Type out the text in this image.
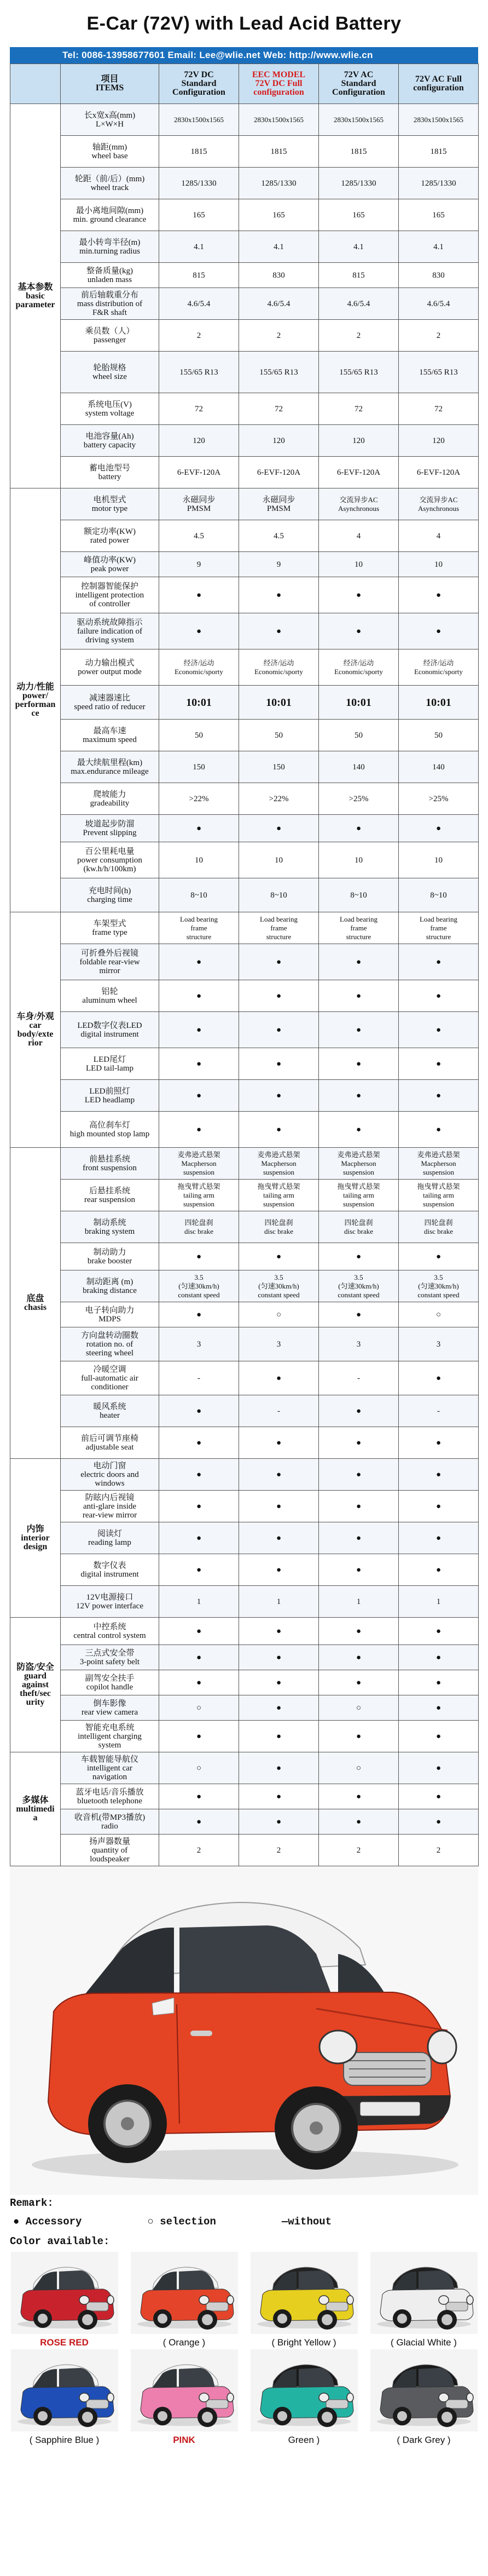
E-Car (72V) with Lead Acid Battery
Tel: 0086-13958677601 Email: Lee@wlie.net Web: http://www.wlie.cn
	项目
ITEMS	72V DC
Standard
Configuration	EEC MODEL
72V DC Full
configuration	72V AC
Standard
Configuration	72V AC Full
configuration
基本参数
basic
parameter	长x宽x高(mm)
L×W×H	2830x1500x1565	2830x1500x1565	2830x1500x1565	2830x1500x1565
	轴距(mm)
wheel base	1815	1815	1815	1815
	轮距（前/后）(mm)
wheel track	1285/1330	1285/1330	1285/1330	1285/1330
	最小离地间隙(mm)
min. ground clearance	165	165	165	165
	最小转弯半径(m)
min.turning radius	4.1	4.1	4.1	4.1
	整备质量(kg)
unladen mass	815	830	815	830
	前后轴载重分布
mass distribution of
F&R shaft	4.6/5.4	4.6/5.4	4.6/5.4	4.6/5.4
	乘员数（人）
passenger	2	2	2	2
	轮胎规格
wheel size	155/65 R13	155/65 R13	155/65 R13	155/65 R13
	系统电压(V)
system voltage	72	72	72	72
	电池容量(Ah)
battery capacity	120	120	120	120
	蓄电池型号
battery	6-EVF-120A	6-EVF-120A	6-EVF-120A	6-EVF-120A
动力/性能
power/
performan
ce	电机型式
motor type	永磁同步
PMSM	永磁同步
PMSM	交流异步AC
Asynchronous	交流异步AC
Asynchronous
	额定功率(KW)
rated power	4.5	4.5	4	4
	峰值功率(KW)
peak power	9	9	10	10
	控制器智能保护
intelligent protection
of controller	●	●	●	●
	驱动系统故障指示
failure indication of
driving system	●	●	●	●
	动力输出模式
power output mode	经济/运动
Economic/sporty	经济/运动
Economic/sporty	经济/运动
Economic/sporty	经济/运动
Economic/sporty
	减速器速比
speed ratio of reducer	10:01	10:01	10:01	10:01
	最高车速
maximum speed	50	50	50	50
	最大续航里程(km)
max.endurance mileage	150	150	140	140
	爬坡能力
gradeability	>22%	>22%	>25%	>25%
	坡道起步防溜
Prevent slipping	●	●	●	●
	百公里耗电量
power consumption
(kw.h/h/100km)	10	10	10	10
	充电时间(h)
charging time	8~10	8~10	8~10	8~10
车身/外观
car
body/exte
rior	车架型式
frame type	Load bearing
frame
structure	Load bearing
frame
structure	Load bearing
frame
structure	Load bearing
frame
structure
	可折叠外后视镜
foldable rear-view
mirror	●	●	●	●
	铝轮
aluminum wheel	●	●	●	●
	LED数字仪表LED
digital instrument	●	●	●	●
	LED尾灯
LED tail-lamp	●	●	●	●
	LED前照灯
LED headlamp	●	●	●	●
	高位刹车灯
high mounted stop lamp	●	●	●	●
底盘
chasis	前悬挂系统
front suspension	麦弗逊式悬架
Macpherson
suspension	麦弗逊式悬架
Macpherson
suspension	麦弗逊式悬架
Macpherson
suspension	麦弗逊式悬架
Macpherson
suspension
	后悬挂系统
rear suspension	拖曳臂式悬架
tailing arm
suspension	拖曳臂式悬架
tailing arm
suspension	拖曳臂式悬架
tailing arm
suspension	拖曳臂式悬架
tailing arm
suspension
	制动系统
braking system	四轮盘刹
disc brake	四轮盘刹
disc brake	四轮盘刹
disc brake	四轮盘刹
disc brake
	制动助力
brake booster	●	●	●	●
	制动距离 (m)
braking distance	3.5
(匀速30km/h)
constant speed	3.5
(匀速30km/h)
constant speed	3.5
(匀速30km/h)
constant speed	3.5
(匀速30km/h)
constant speed
	电子转向助力
MDPS	●	○	●	○
	方向盘转动圈数
rotation no. of
steering wheel	3	3	3	3
	冷暖空调
full-automatic air
conditioner	-	●	-	●
	暖风系统
heater	●	-	●	-
	前后可调节座椅
adjustable seat	●	●	●	●
内饰
interior
design	电动门窗
electric doors and
windows	●	●	●	●
	防眩内后视镜
anti-glare inside
rear-view mirror	●	●	●	●
	阅读灯
reading lamp	●	●	●	●
	数字仪表
digital instrument	●	●	●	●
	12V电源接口
12V power interface	1	1	1	1
防盗/安全
guard
against
theft/sec
urity	中控系统
central control system	●	●	●	●
	三点式安全带
3-point safety belt	●	●	●	●
	副驾安全扶手
copilot handle	●	●	●	●
	倒车影像
rear view camera	○	●	○	●
	智能充电系统
intelligent charging
system	●	●	●	●
多媒体
multimedi
a	车载智能导航仪
intelligent car
navigation	○	●	○	●
	蓝牙电话/音乐播放
bluetooth telephone	●	●	●	●
	收音机(带MP3播放)
radio	●	●	●	●
	扬声器数量
quantity of
loudspeaker	2	2	2	2
Remark:
● Accessory	○ selection	—without
Color available:
ROSE RED	( Orange )	( Bright Yellow )	( Glacial White )
( Sapphire Blue )	PINK	Green )	( Dark Grey )
